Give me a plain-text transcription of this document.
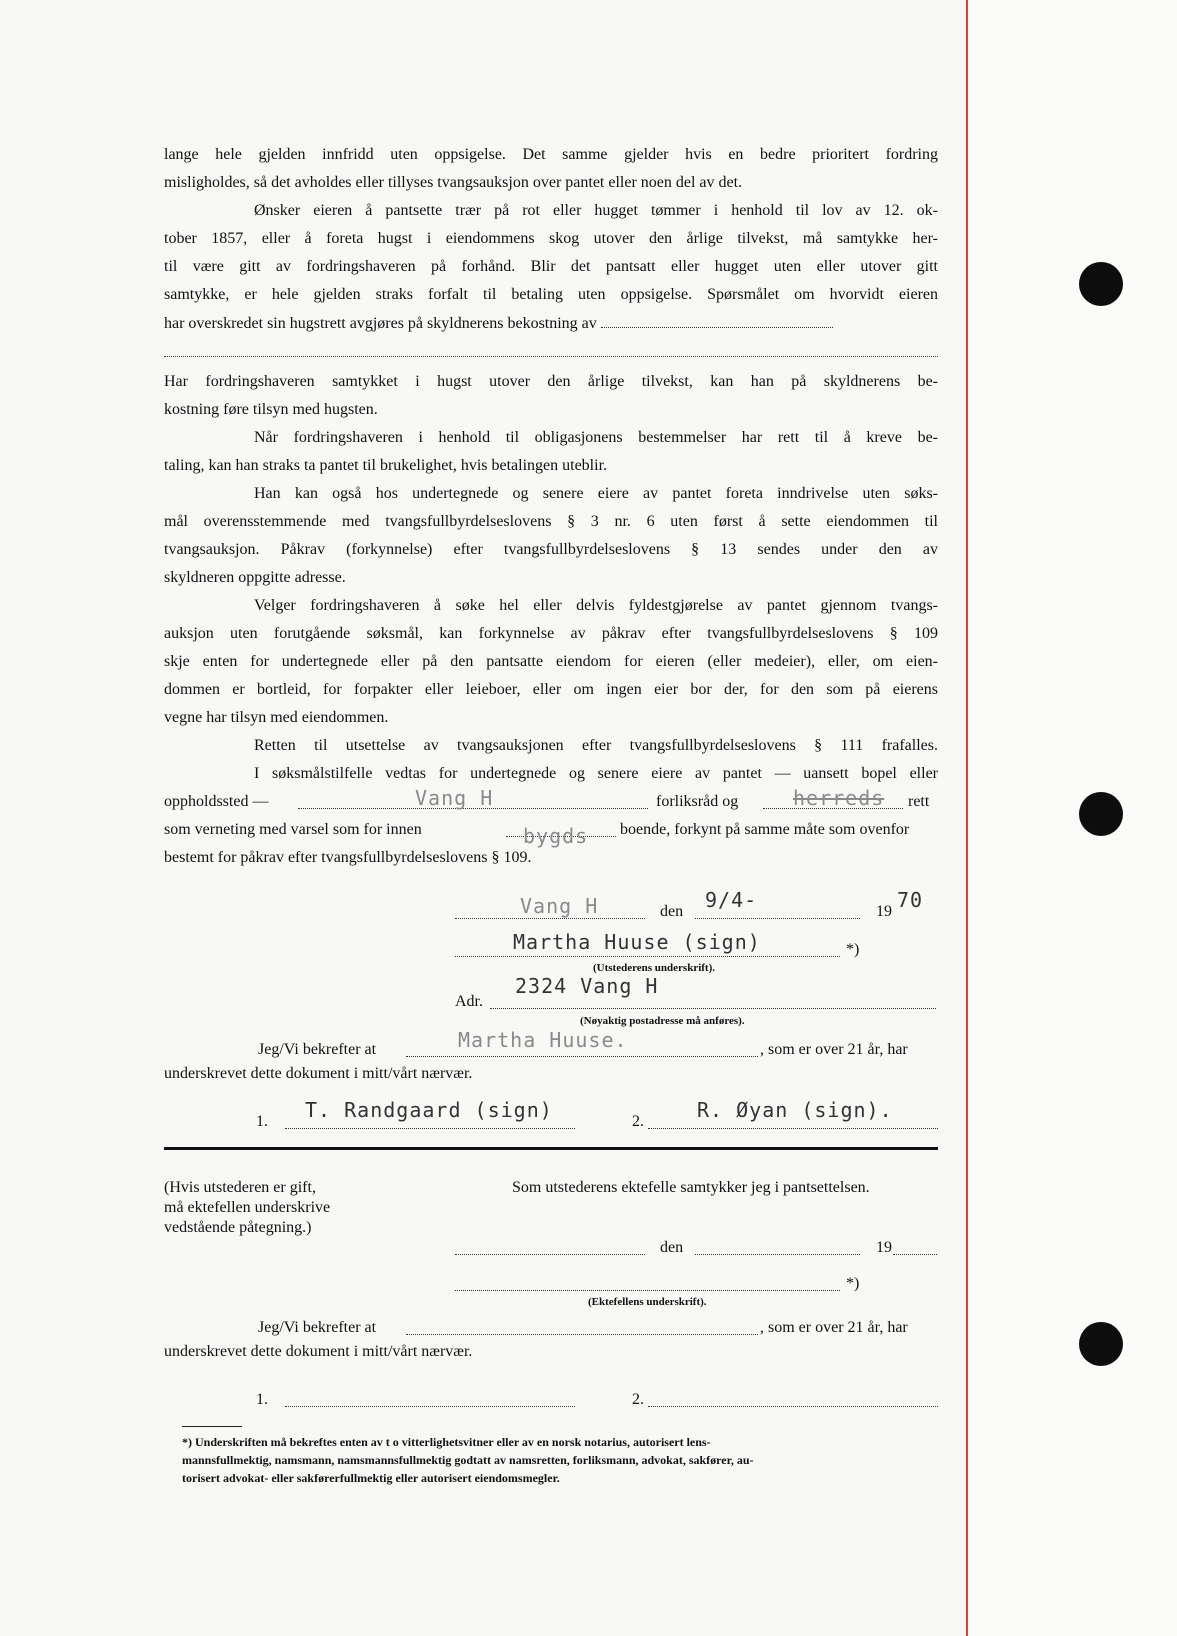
lange hele gjelden innfridd uten oppsigelse. Det samme gjelder hvis en bedre prioritert fordring
misligholdes, så det avholdes eller tillyses tvangsauksjon over pantet eller noen del av det.
Ønsker eieren å pantsette trær på rot eller hugget tømmer i henhold til lov av 12. ok-
tober 1857, eller å foreta hugst i eiendommens skog utover den årlige tilvekst, må samtykke her-
til være gitt av fordringshaveren på forhånd. Blir det pantsatt eller hugget uten eller utover gitt
samtykke, er hele gjelden straks forfalt til betaling uten oppsigelse. Spørsmålet om hvorvidt eieren
har overskredet sin hugstrett avgjøres på skyldnerens bekostning av
Har fordringshaveren samtykket i hugst utover den årlige tilvekst, kan han på skyldnerens be-
kostning føre tilsyn med hugsten.
Når fordringshaveren i henhold til obligasjonens bestemmelser har rett til å kreve be-
taling, kan han straks ta pantet til brukelighet, hvis betalingen uteblir.
Han kan også hos undertegnede og senere eiere av pantet foreta inndrivelse uten søks-
mål overensstemmende med tvangsfullbyrdelseslovens § 3 nr. 6 uten først å sette eiendommen til
tvangsauksjon. Påkrav (forkynnelse) efter tvangsfullbyrdelseslovens § 13 sendes under den av
skyldneren oppgitte adresse.
Velger fordringshaveren å søke hel eller delvis fyldestgjørelse av pantet gjennom tvangs-
auksjon uten forutgående søksmål, kan forkynnelse av påkrav efter tvangsfullbyrdelseslovens § 109
skje enten for undertegnede eller på den pantsatte eiendom for eieren (eller medeier), eller, om eien-
dommen er bortleid, for forpakter eller leieboer, eller om ingen eier bor der, for den som på eierens
vegne har tilsyn med eiendommen.
Retten til utsettelse av tvangsauksjonen efter tvangsfullbyrdelseslovens § 111 frafalles.
I søksmålstilfelle vedtas for undertegnede og senere eiere av pantet — uansett bopel eller
oppholdssted —	Vang H	forliksråd og	herreds rett
som verneting med varsel som for innen	bygds boende, forkynt på samme måte som ovenfor
bestemt for påkrav efter tvangsfullbyrdelseslovens § 109.
Vang H	den 9/4-	19 70
Martha Huuse (sign)	*)
(Utstederens underskrift).
Adr.
2324 Vang H
(Nøyaktig postadresse må anføres).
Jeg/Vi bekrefter at	Martha Huuse.	, som er over 21 år, har
underskrevet dette dokument i mitt/vårt nærvær.
1. T. Randgaard (sign)	2.	R. Øyan (sign).
(Hvis utstederen er gift,
må ektefellen underskrive
vedstående påtegning.)
Som utstederens ektefelle samtykker jeg i pantsettelsen.
den	19
*)
(Ektefellens underskrift).
Jeg/Vi bekrefter at	, som er over 21 år, har
underskrevet dette dokument i mitt/vårt nærvær.
1.	2.
*) Underskriften må bekreftes enten av t o vitterlighetsvitner eller av en norsk notarius, autorisert lens-
mannsfullmektig, namsmann, namsmannsfullmektig godtatt av namsretten, forliksmann, advokat, sakfører, au-
torisert advokat- eller sakførerfullmektig eller autorisert eiendomsmegler.
